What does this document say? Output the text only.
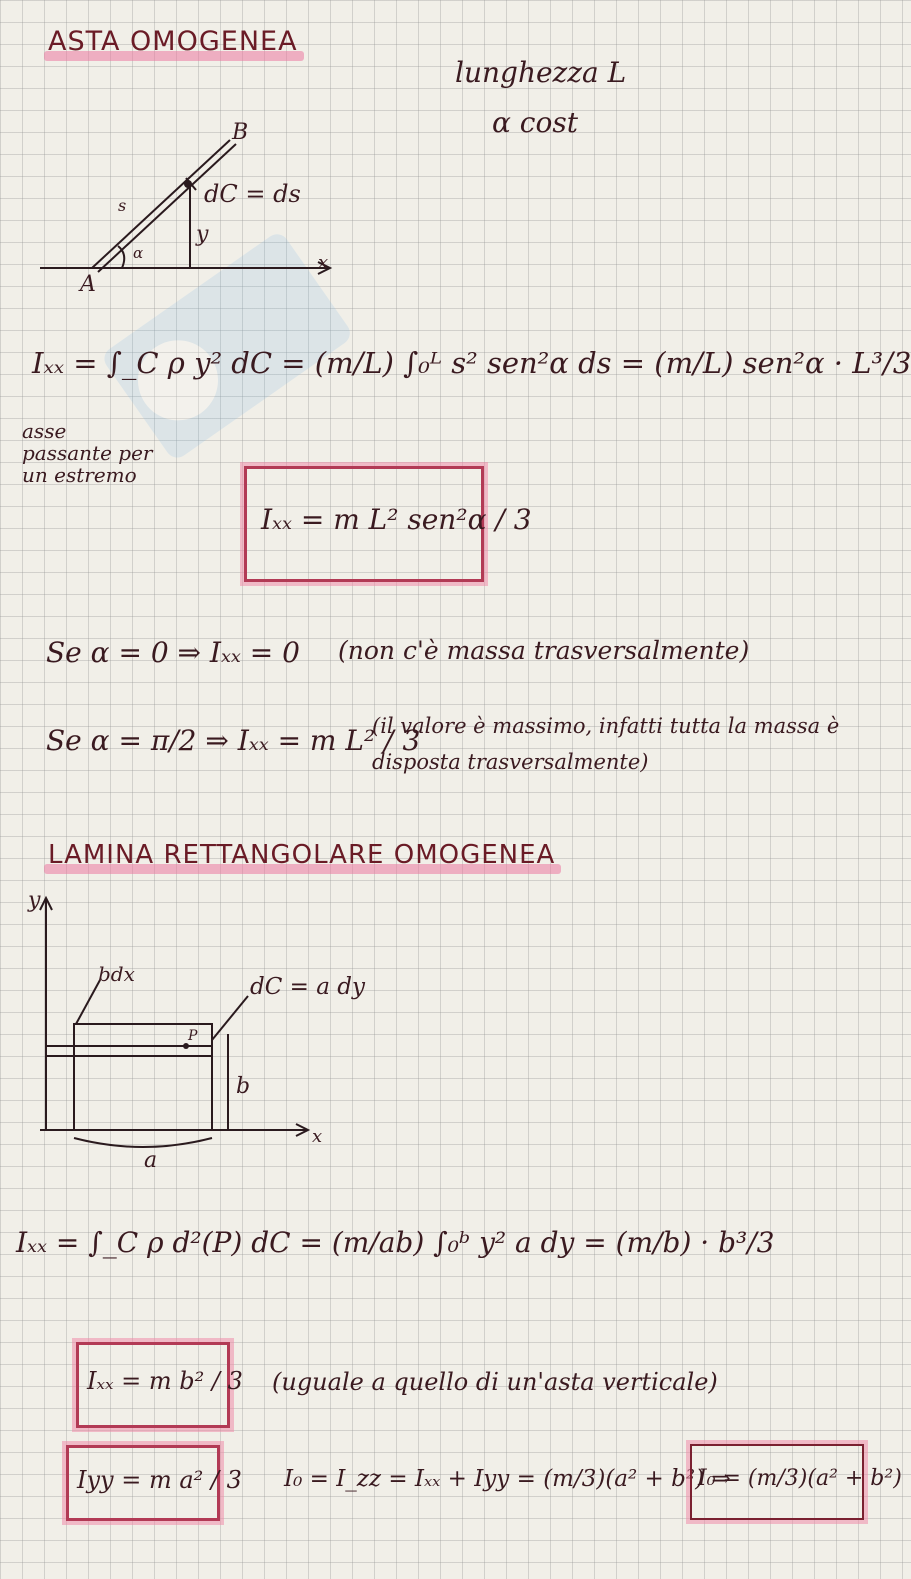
ASTA OMOGENEA
lunghezza L
α cost
B
A
s
α
y
x
dC = ds
Iₓₓ = ∫_C ρ y² dC = (m/L) ∫₀ᴸ s² sen²α ds = (m/L) sen²α · L³/3
asse passante per un estremo
Iₓₓ = m L² sen²α / 3
Se α = 0 ⇒ Iₓₓ = 0 (non c'è massa trasversalmente)
Se α = π/2 ⇒ Iₓₓ = m L² / 3
(il valore è massimo, infatti tutta la massa è disposta trasversalmente)
LAMINA RETTANGOLARE OMOGENEA
y
x
bdx	dC = a dy
P
b
a
Iₓₓ = ∫_C ρ d²(P) dC = (m/ab) ∫₀ᵇ y² a dy = (m/b) · b³/3
Iₓₓ = m b² / 3 (uguale a quello di un'asta verticale)
Iyy = m a² / 3 I₀ = I_zz = Iₓₓ + Iyy = (m/3)(a² + b²) ⇒
I₀ = (m/3)(a² + b²)
